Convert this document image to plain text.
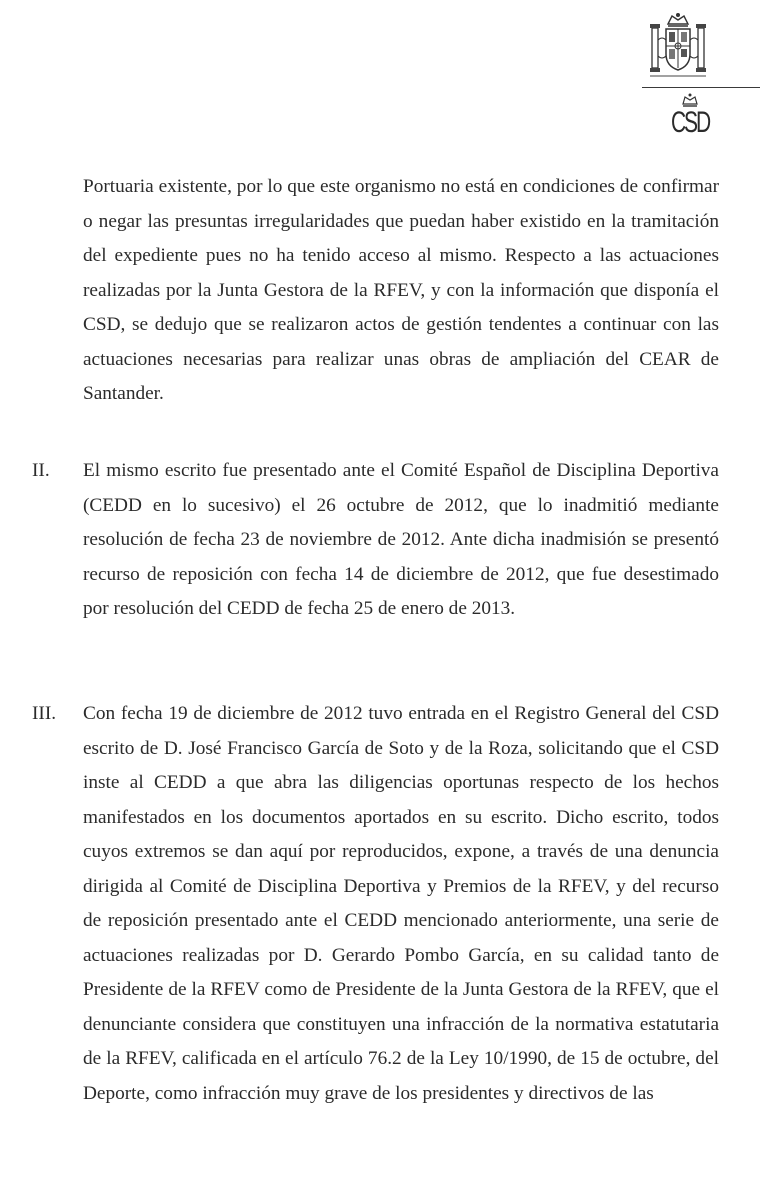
CSD

Portuaria existente, por lo que este organismo no está en condiciones de confirmar o negar las presuntas irregularidades que puedan haber existido en la tramitación del expediente pues no ha tenido acceso al mismo. Respecto a las actuaciones realizadas por la Junta Gestora de la RFEV, y con la información que disponía el CSD, se dedujo que se realizaron actos de gestión tendentes a continuar con las actuaciones necesarias para realizar unas obras de ampliación del CEAR de Santander.

II. El mismo escrito fue presentado ante el Comité Español de Disciplina Deportiva (CEDD en lo sucesivo) el 26 octubre de 2012, que lo inadmitió mediante resolución de fecha 23 de noviembre de 2012. Ante dicha inadmisión se presentó recurso de reposición con fecha 14 de diciembre de 2012, que fue desestimado por resolución del CEDD de fecha 25 de enero de 2013.

III. Con fecha 19 de diciembre de 2012 tuvo entrada en el Registro General del CSD escrito de D. José Francisco García de Soto y de la Roza, solicitando que el CSD inste al CEDD a que abra las diligencias oportunas respecto de los hechos manifestados en los documentos aportados en su escrito. Dicho escrito, todos cuyos extremos se dan aquí por reproducidos, expone, a través de una denuncia dirigida al Comité de Disciplina Deportiva y Premios de la RFEV, y del recurso de reposición presentado ante el CEDD mencionado anteriormente, una serie de actuaciones realizadas por D. Gerardo Pombo García, en su calidad tanto de Presidente de la RFEV como de Presidente de la Junta Gestora de la RFEV, que el denunciante considera que constituyen una infracción de la normativa estatutaria de la RFEV, calificada en el artículo 76.2 de la Ley 10/1990, de 15 de octubre, del Deporte, como infracción muy grave de los presidentes y directivos de las
